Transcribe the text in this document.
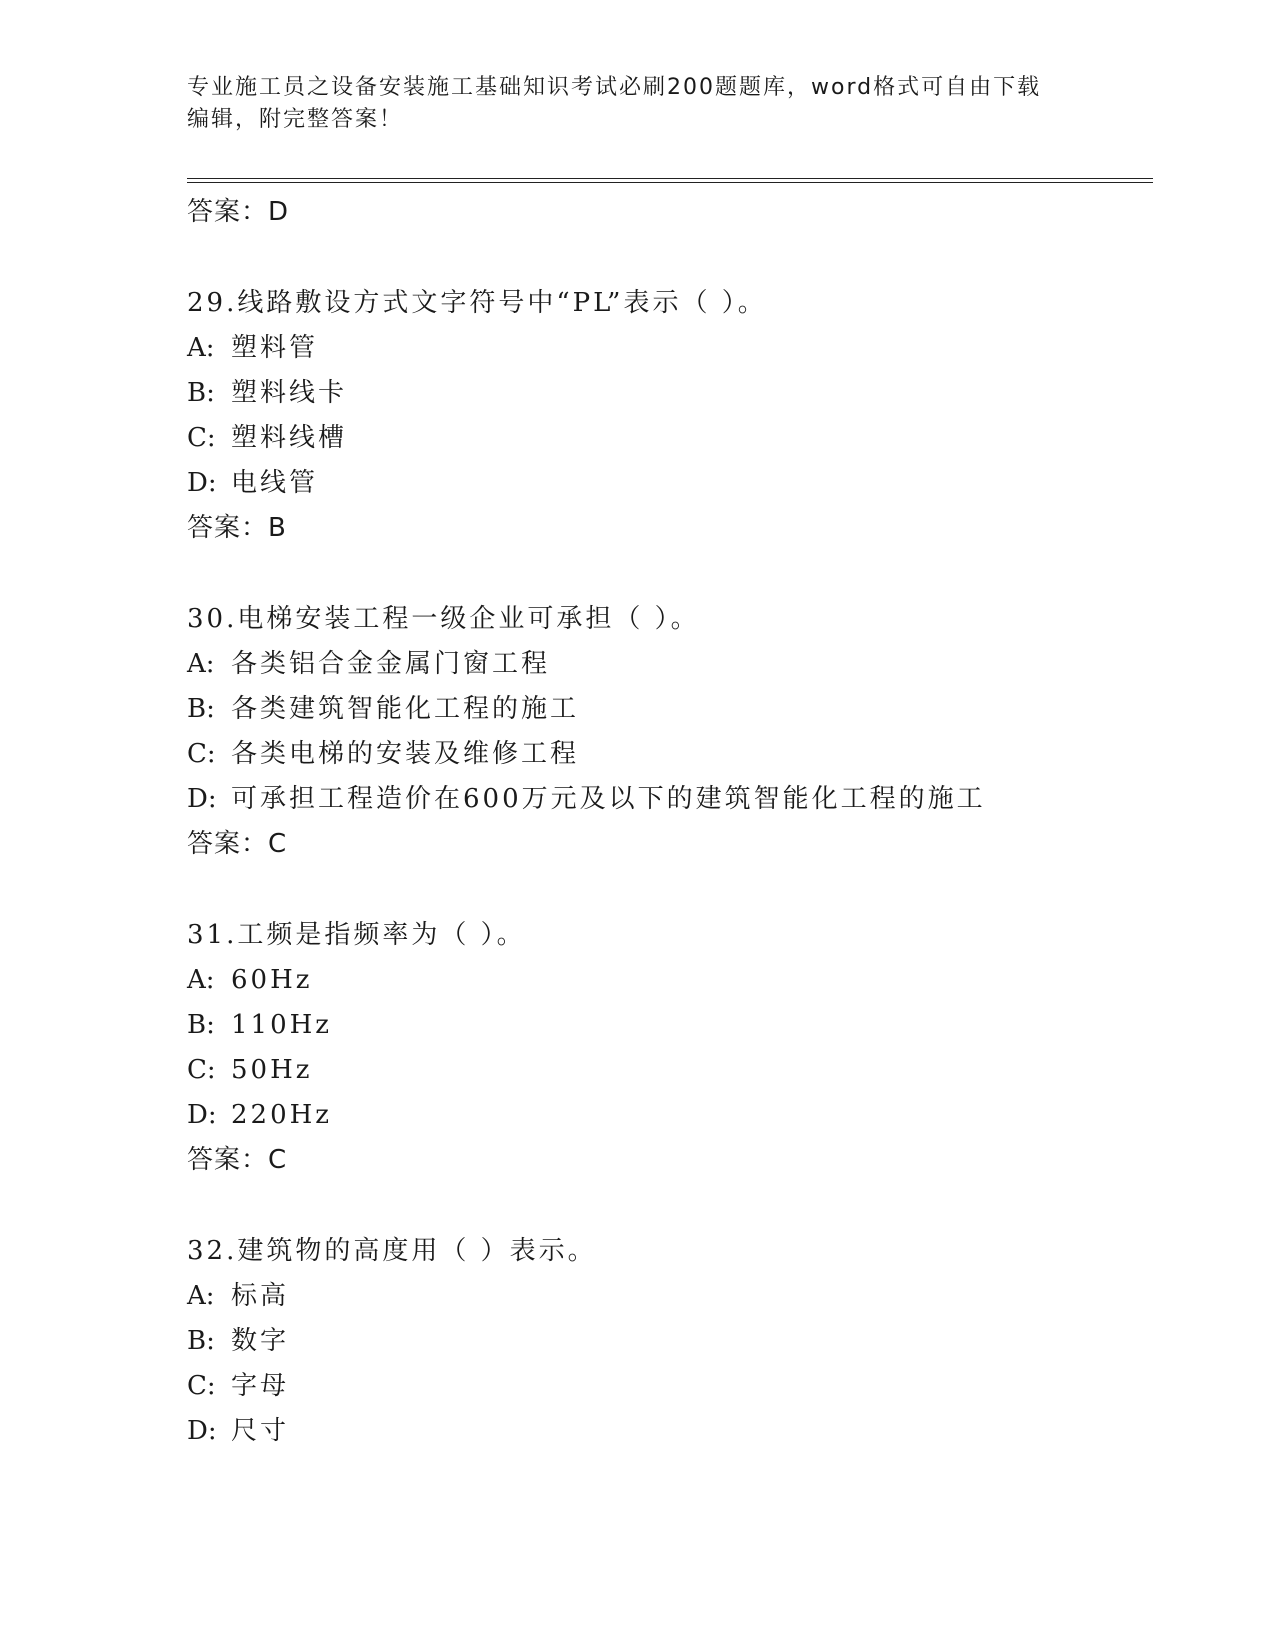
专业施工员之设备安装施工基础知识考试必刷200题题库，word格式可自由下载
编辑，附完整答案！
答案：D
29.线路敷设方式文字符号中“PL”表示（ ）。
A: 塑料管
B: 塑料线卡
C: 塑料线槽
D: 电线管
答案：B
30.电梯安装工程一级企业可承担（ ）。
A: 各类铝合金金属门窗工程
B: 各类建筑智能化工程的施工
C: 各类电梯的安装及维修工程
D: 可承担工程造价在600万元及以下的建筑智能化工程的施工
答案：C
31.工频是指频率为（ ）。
A: 60Hz
B: 110Hz
C: 50Hz
D: 220Hz
答案：C
32.建筑物的高度用（ ）表示。
A: 标高
B: 数字
C: 字母
D: 尺寸
